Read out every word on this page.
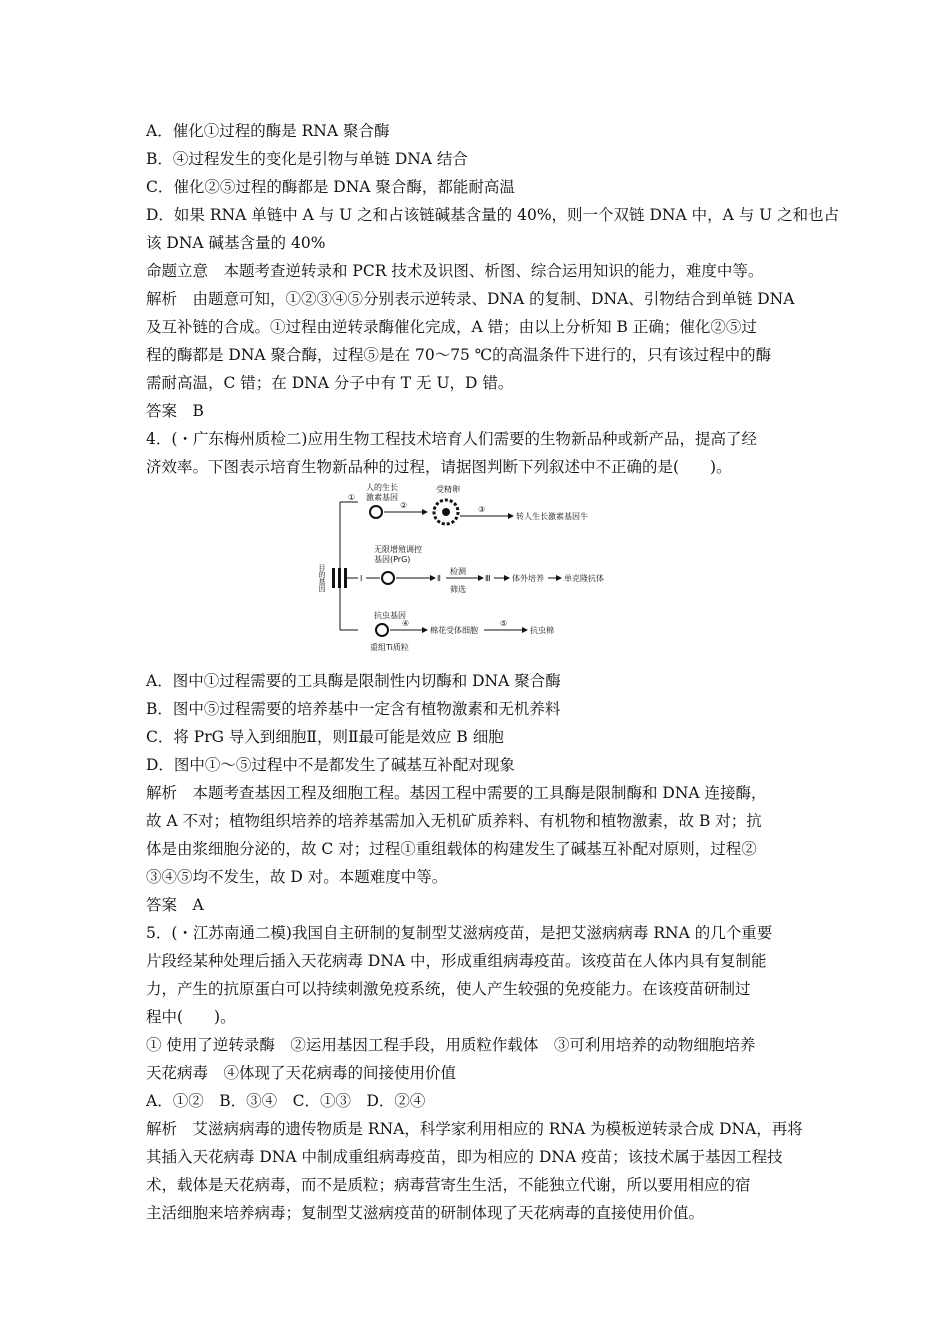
A．催化①过程的酶是 RNA 聚合酶
B．④过程发生的变化是引物与单链 DNA 结合
C．催化②⑤过程的酶都是 DNA 聚合酶，都能耐高温
D．如果 RNA 单链中 A 与 U 之和占该链碱基含量的 40%，则一个双链 DNA 中，A 与 U 之和也占
该 DNA 碱基含量的 40%
命题立意　本题考查逆转录和 PCR 技术及识图、析图、综合运用知识的能力，难度中等。
解析　由题意可知，①②③④⑤分别表示逆转录、DNA 的复制、DNA、引物结合到单链 DNA
及互补链的合成。①过程由逆转录酶催化完成，A 错；由以上分析知 B 正确；催化②⑤过
程的酶都是 DNA 聚合酶，过程⑤是在 70～75 ℃的高温条件下进行的，只有该过程中的酶
需耐高温，C 错；在 DNA 分子中有 T 无 U，D 错。
答案　B
4．(・广东梅州质检二)应用生物工程技术培育人们需要的生物新品种或新产品，提高了经
济效率。下图表示培育生物新品种的过程，请据图判断下列叙述中不正确的是(　　)。
目的基因
人的生长
激素基因
①
②
受精卵
③
转人生长激素基因牛
无限增殖调控
基因(PrG)
Ⅰ	Ⅱ
检测
筛选
Ⅲ	体外培养	单克隆抗体
抗虫基因
重组Ti质粒
④
棉花受体细胞
⑤
抗虫棉
A．图中①过程需要的工具酶是限制性内切酶和 DNA 聚合酶
B．图中⑤过程需要的培养基中一定含有植物激素和无机养料
C．将 PrG 导入到细胞Ⅱ，则Ⅱ最可能是效应 B 细胞
D．图中①～⑤过程中不是都发生了碱基互补配对现象
解析　本题考查基因工程及细胞工程。基因工程中需要的工具酶是限制酶和 DNA 连接酶，
故 A 不对；植物组织培养的培养基需加入无机矿质养料、有机物和植物激素，故 B 对；抗
体是由浆细胞分泌的，故 C 对；过程①重组载体的构建发生了碱基互补配对原则，过程②
③④⑤均不发生，故 D 对。本题难度中等。
答案　A
5．(・江苏南通二模)我国自主研制的复制型艾滋病疫苗，是把艾滋病病毒 RNA 的几个重要
片段经某种处理后插入天花病毒 DNA 中，形成重组病毒疫苗。该疫苗在人体内具有复制能
力，产生的抗原蛋白可以持续刺激免疫系统，使人产生较强的免疫能力。在该疫苗研制过
程中(　　)。
① 使用了逆转录酶　②运用基因工程手段，用质粒作载体　③可利用培养的动物细胞培养
天花病毒　④体现了天花病毒的间接使用价值
A．①②　B．③④　C．①③　D．②④
解析　艾滋病病毒的遗传物质是 RNA，科学家利用相应的 RNA 为模板逆转录合成 DNA，再将
其插入天花病毒 DNA 中制成重组病毒疫苗，即为相应的 DNA 疫苗；该技术属于基因工程技
术，载体是天花病毒，而不是质粒；病毒营寄生生活，不能独立代谢，所以要用相应的宿
主活细胞来培养病毒；复制型艾滋病疫苗的研制体现了天花病毒的直接使用价值。
